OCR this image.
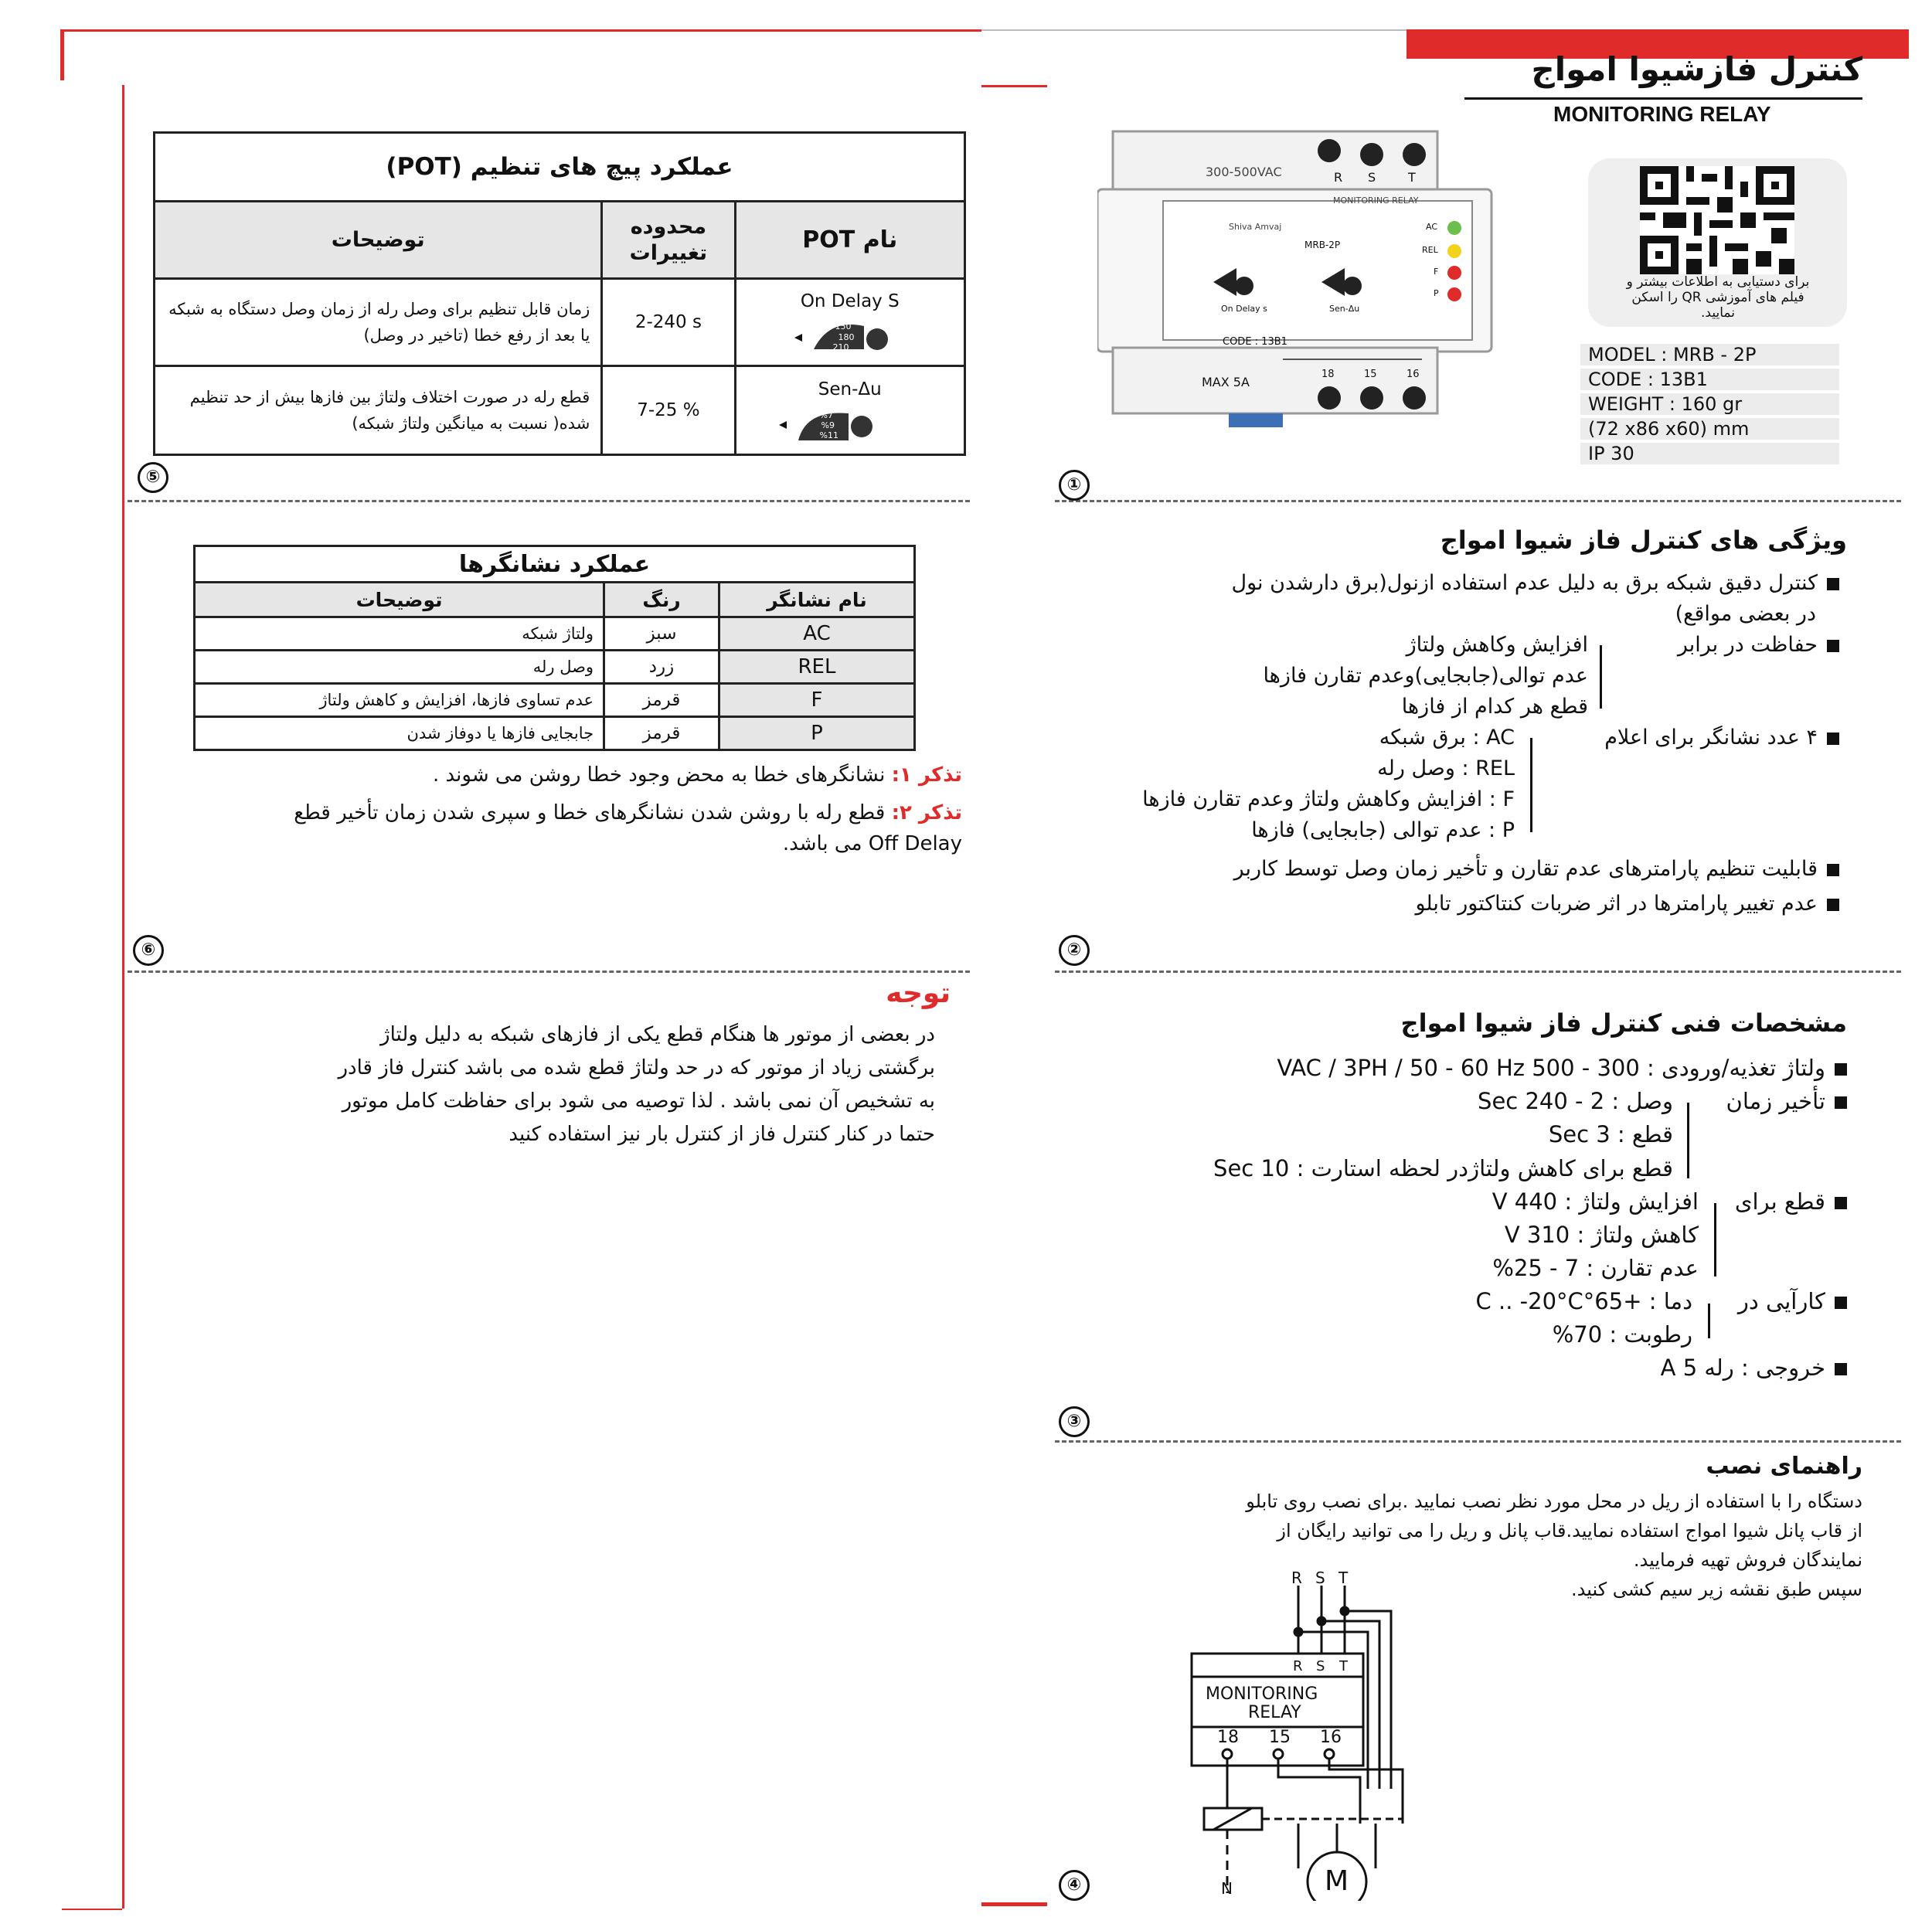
①
②
③
④
⑤
⑥
کنترل فازشیوا امواج
MONITORING RELAY
300-500VAC	R S	T
MONITORING RELAY
Shiva Amvaj
MRB-2P
AC
REL
F
P
On Delay s	Sen-Δu
CODE : 13B1
MAX 5A
18	15	16
برای دستیابی به اطلاعات بیشتر و فیلم های آموزشی QR را اسکن نمایید.
MODEL : MRB - 2P
CODE : 13B1
WEIGHT : 160 gr
(72 x86 x60) mm
IP 30
عملکرد پیچ های تنظیم (POT)		
توضیحات	محدوده تغییرات	نام POT
زمان قابل تنظیم برای وصل رله از زمان وصل دستگاه به شبکه یا بعد از رفع خطا (تاخیر در وصل)	2-240 s	On Delay S
150
180
210

قطع رله در صورت اختلاف ولتاژ بین فازها بیش از حد تنظیم شده( نسبت به میانگین ولتاژ شبکه)	7-25 %	Sen-Δu
%7
%9
%11
عملکرد نشانگرها		
توضیحات	رنگ	نام نشانگر
ولتاژ شبکه	سبز	AC
وصل رله	زرد	REL
عدم تساوی فازها، افزایش و کاهش ولتاژ	قرمز	F
جابجایی فازها یا دوفاز شدن	قرمز	P
تذکر ۱: نشانگرهای خطا به محض وجود خطا روشن می شوند .
تذکر ۲: قطع رله با روشن شدن نشانگرهای خطا و سپری شدن زمان تأخیر قطع
Off Delay می باشد.
توجه
در بعضی از موتور ها هنگام قطع یکی از فازهای شبکه به دلیل ولتاژ
برگشتی زیاد از موتور که در حد ولتاژ قطع شده می باشد کنترل فاز قادر
به تشخیص آن نمی باشد . لذا توصیه می شود برای حفاظت کامل موتور
حتما در کنار کنترل فاز از کنترل بار نیز استفاده کنید
ویژگی های کنترل فاز شیوا امواج
کنترل دقیق شبکه برق به دلیل عدم استفاده ازنول(برق دارشدن نول
در بعضی مواقع)
حفاظت در برابر
افزایش وکاهش ولتاژ
عدم توالی(جابجایی)وعدم تقارن فازها
قطع هر کدام از فازها
۴ عدد نشانگر برای اعلام
AC : برق شبکه
REL : وصل رله
F : افزایش وکاهش ولتاژ وعدم تقارن فازها
P : عدم توالی (جابجایی) فازها
قابلیت تنظیم پارامترهای عدم تقارن و تأخیر زمان وصل توسط کاربر
عدم تغییر پارامترها در اثر ضربات کنتاکتور تابلو
مشخصات فنی کنترل فاز شیوا امواج
ولتاژ تغذیه/ورودی : 300 - 500 VAC / 3PH / 50 - 60 Hz
تأخیر زمان
وصل : 2 - 240 Sec
قطع : 3 Sec
قطع برای کاهش ولتاژدر لحظه استارت : 10 Sec
قطع برای
افزایش ولتاژ : 440 V
کاهش ولتاژ : 310 V
عدم تقارن : 7 - 25%
کارآیی در
دما : +65°C .. -20°C
رطوبت : 70%
خروجی : رله 5 A
راهنمای نصب
دستگاه را با استفاده از ریل در محل مورد نظر نصب نمایید .برای نصب روی تابلو
از قاب پانل شیوا امواج استفاده نمایید.قاب پانل و ریل را می توانید رایگان از
نمایندگان فروش تهیه فرمایید.
سپس طبق نقشه زیر سیم کشی کنید.
R S T
R S T
MONITORING
RELAY
18 15 16
N	M
